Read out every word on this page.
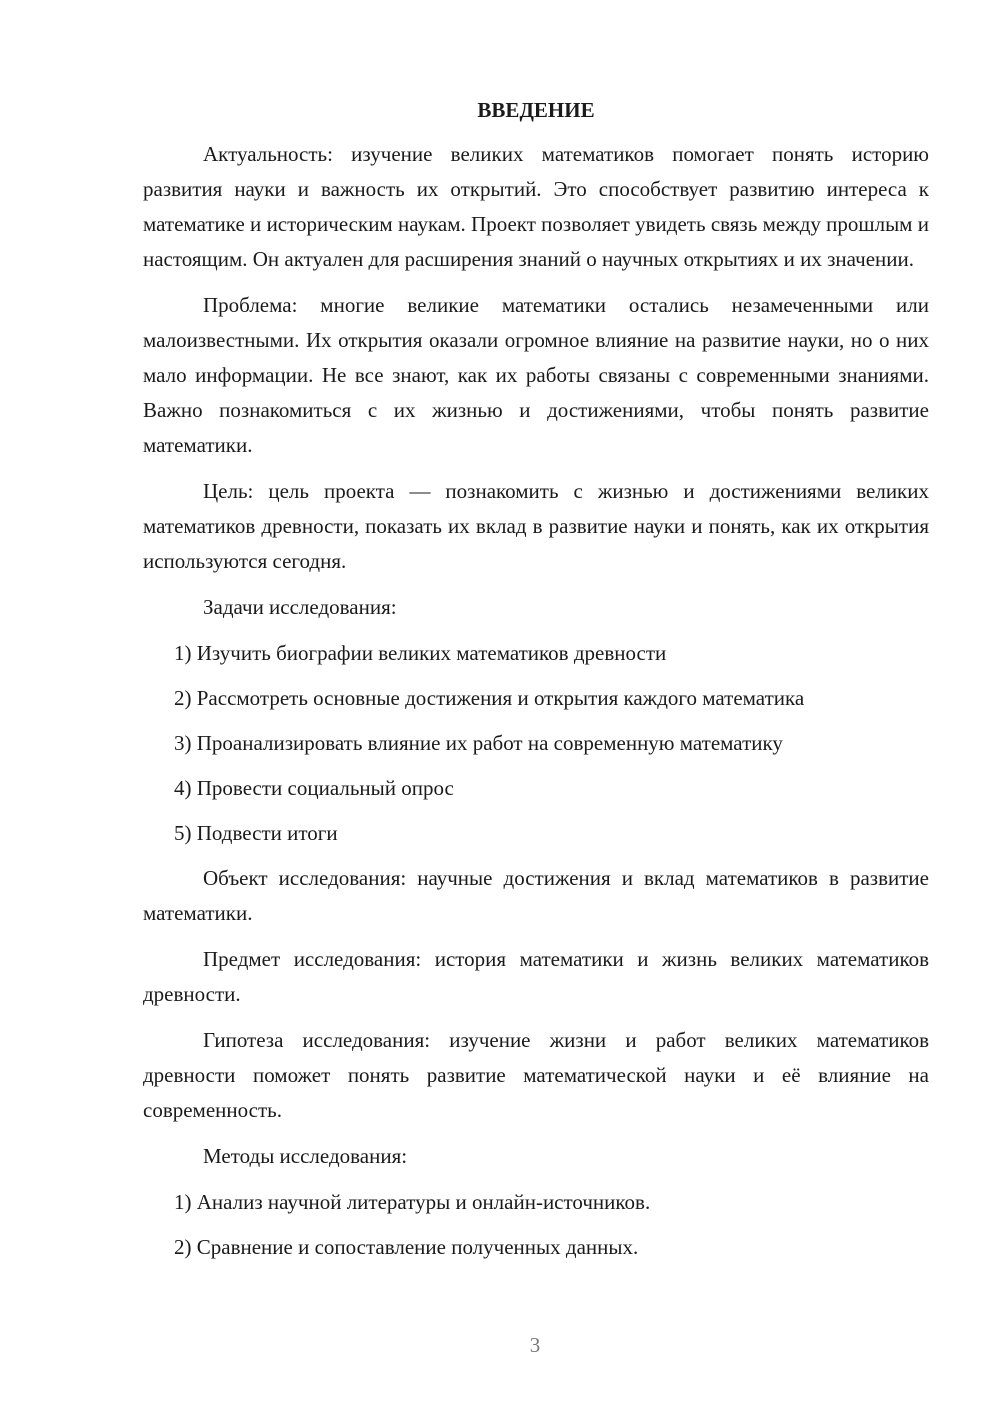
ВВЕДЕНИЕ

Актуальность: изучение великих математиков помогает понять историю развития науки и важность их открытий. Это способствует развитию интереса к математике и историческим наукам. Проект позволяет увидеть связь между прошлым и настоящим. Он актуален для расширения знаний о научных открытиях и их значении.

Проблема: многие великие математики остались незамеченными или малоизвестными. Их открытия оказали огромное влияние на развитие науки, но о них мало информации. Не все знают, как их работы связаны с современными знаниями. Важно познакомиться с их жизнью и достижениями, чтобы понять развитие математики.

Цель: цель проекта — познакомить с жизнью и достижениями великих математиков древности, показать их вклад в развитие науки и понять, как их открытия используются сегодня.

Задачи исследования:

1) Изучить биографии великих математиков древности
2) Рассмотреть основные достижения и открытия каждого математика
3) Проанализировать влияние их работ на современную математику
4) Провести социальный опрос
5) Подвести итоги

Объект исследования: научные достижения и вклад математиков в развитие математики.

Предмет исследования: история математики и жизнь великих математиков древности.

Гипотеза исследования: изучение жизни и работ великих математиков древности поможет понять развитие математической науки и её влияние на современность.

Методы исследования:

1) Анализ научной литературы и онлайн-источников.
2) Сравнение и сопоставление полученных данных.
3
